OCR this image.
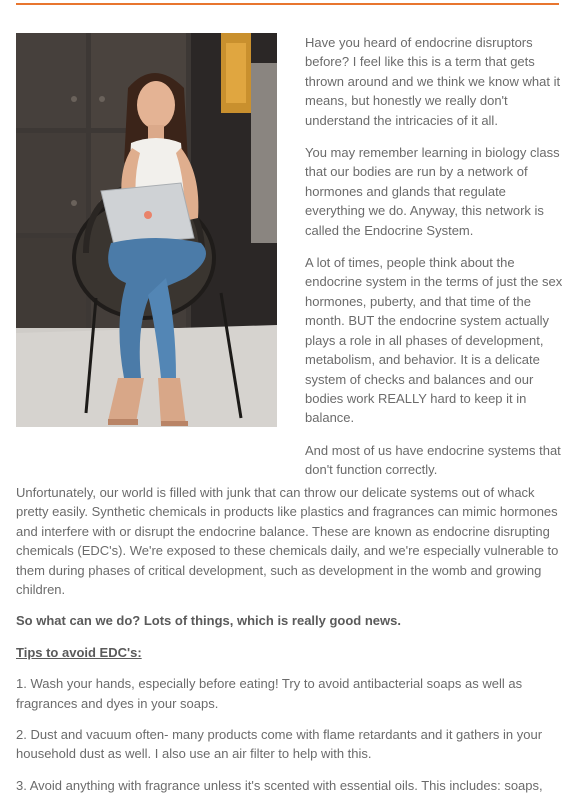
Have you heard of endocrine disruptors before? I feel like this is a term that gets thrown around and we think we know what it means, but honestly we really don't understand the intricacies of it all.

You may remember learning in biology class that our bodies are run by a network of hormones and glands that regulate everything we do. Anyway, this network is called the Endocrine System.

A lot of times, people think about the endocrine system in the terms of just the sex hormones, puberty, and that time of the month. BUT the endocrine system actually plays a role in all phases of development, metabolism, and behavior. It is a delicate system of checks and balances and our bodies work REALLY hard to keep it in balance.

And most of us have endocrine systems that don't function correctly.

Unfortunately, our world is filled with junk that can throw our delicate systems out of whack pretty easily. Synthetic chemicals in products like plastics and fragrances can mimic hormones and interfere with or disrupt the endocrine balance. These are known as endocrine disrupting chemicals (EDC's). We're exposed to these chemicals daily, and we're especially vulnerable to them during phases of critical development, such as development in the womb and growing children.

So what can we do? Lots of things, which is really good news.

Tips to avoid EDC's:

1. Wash your hands, especially before eating! Try to avoid antibacterial soaps as well as fragrances and dyes in your soaps.

2. Dust and vacuum often- many products come with flame retardants and it gathers in your household dust as well. I also use an air filter to help with this.

3. Avoid anything with fragrance unless it's scented with essential oils. This includes: soaps,
